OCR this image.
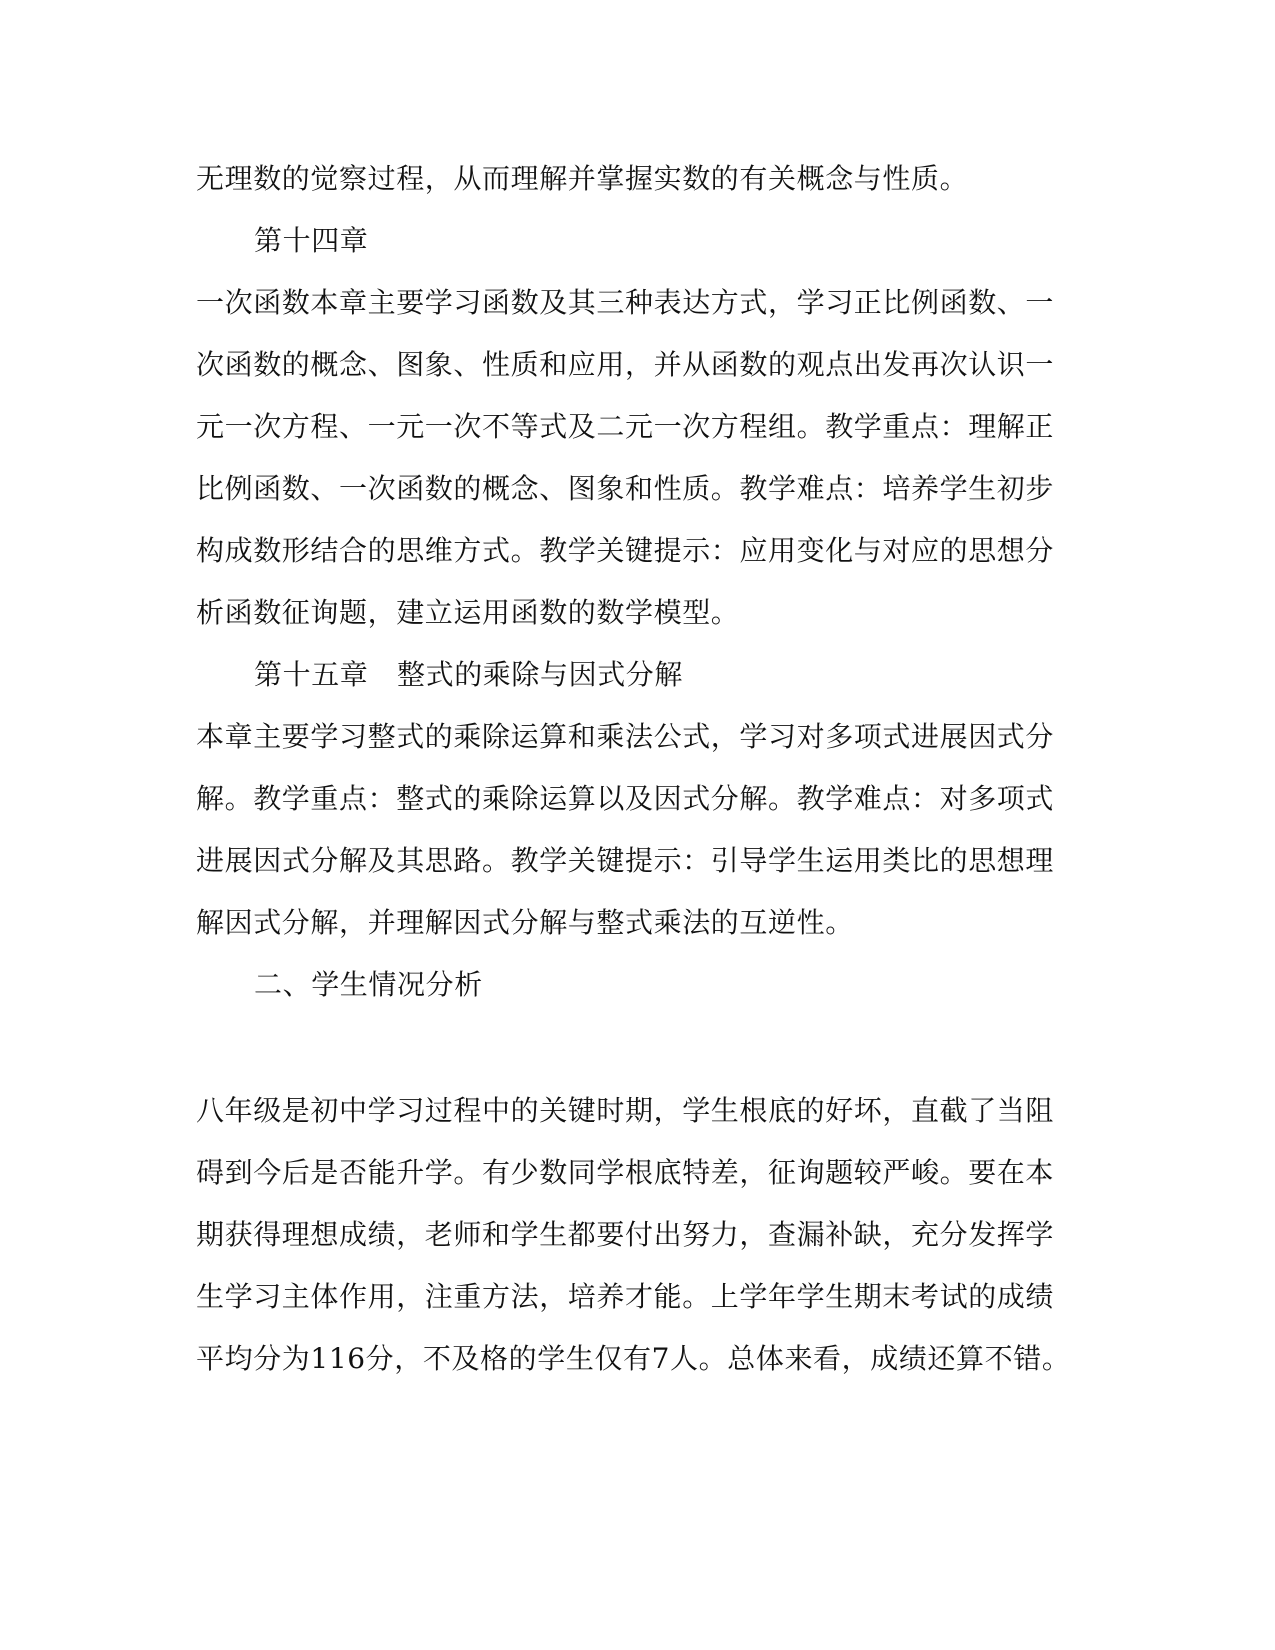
无理数的觉察过程，从而理解并掌握实数的有关概念与性质。
第十四章
一次函数本章主要学习函数及其三种表达方式，学习正比例函数、一
次函数的概念、图象、性质和应用，并从函数的观点出发再次认识一
元一次方程、一元一次不等式及二元一次方程组。教学重点：理解正
比例函数、一次函数的概念、图象和性质。教学难点：培养学生初步
构成数形结合的思维方式。教学关键提示：应用变化与对应的思想分
析函数征询题，建立运用函数的数学模型。
第十五章　整式的乘除与因式分解
本章主要学习整式的乘除运算和乘法公式，学习对多项式进展因式分
解。教学重点：整式的乘除运算以及因式分解。教学难点：对多项式
进展因式分解及其思路。教学关键提示：引导学生运用类比的思想理
解因式分解，并理解因式分解与整式乘法的互逆性。
二、学生情况分析
八年级是初中学习过程中的关键时期，学生根底的好坏，直截了当阻
碍到今后是否能升学。有少数同学根底特差，征询题较严峻。要在本
期获得理想成绩，老师和学生都要付出努力，查漏补缺，充分发挥学
生学习主体作用，注重方法，培养才能。上学年学生期末考试的成绩
平均分为116分，不及格的学生仅有7人。总体来看，成绩还算不错。
